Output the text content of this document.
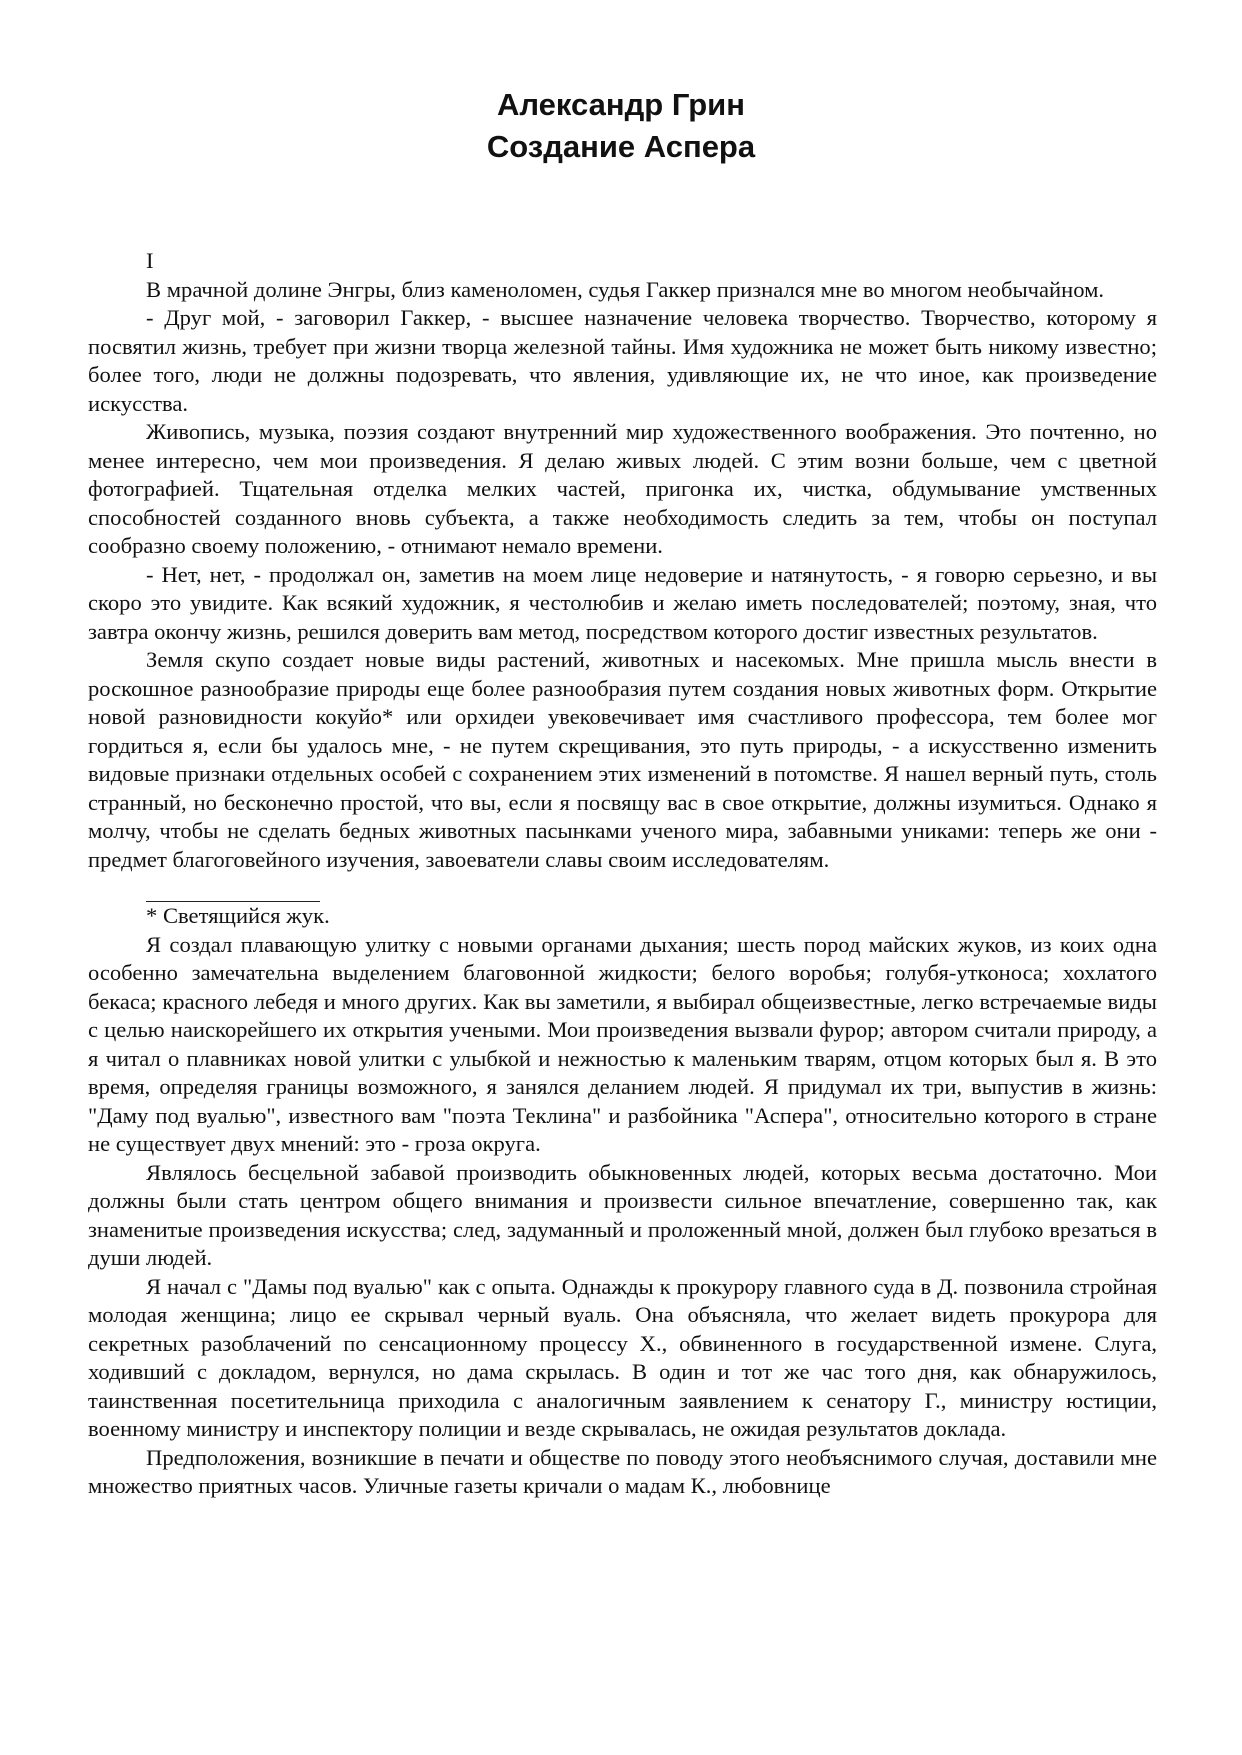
Александр Грин
Создание Аспера

I

В мрачной долине Энгры, близ каменоломен, судья Гаккер признался мне во многом необычайном.

- Друг мой, - заговорил Гаккер, - высшее назначение человека творчество. Творчество, которому я посвятил жизнь, требует при жизни творца железной тайны. Имя художника не может быть никому известно; более того, люди не должны подозревать, что явления, удивляющие их, не что иное, как произведение искусства.

Живопись, музыка, поэзия создают внутренний мир художественного воображения. Это почтенно, но менее интересно, чем мои произведения. Я делаю живых людей. С этим возни больше, чем с цветной фотографией. Тщательная отделка мелких частей, пригонка их, чистка, обдумывание умственных способностей созданного вновь субъекта, а также необходимость следить за тем, чтобы он поступал сообразно своему положению, - отнимают немало времени.

- Нет, нет, - продолжал он, заметив на моем лице недоверие и натянутость, - я говорю серьезно, и вы скоро это увидите. Как всякий художник, я честолюбив и желаю иметь последователей; поэтому, зная, что завтра окончу жизнь, решился доверить вам метод, посредством которого достиг известных результатов.

Земля скупо создает новые виды растений, животных и насекомых. Мне пришла мысль внести в роскошное разнообразие природы еще более разнообразия путем создания новых животных форм. Открытие новой разновидности кокуйо* или орхидеи увековечивает имя счастливого профессора, тем более мог гордиться я, если бы удалось мне, - не путем скрещивания, это путь природы, - а искусственно изменить видовые признаки отдельных особей с сохранением этих изменений в потомстве. Я нашел верный путь, столь странный, но бесконечно простой, что вы, если я посвящу вас в свое открытие, должны изумиться. Однако я молчу, чтобы не сделать бедных животных пасынками ученого мира, забавными униками: теперь же они - предмет благоговейного изучения, завоеватели славы своим исследователям.

* Светящийся жук.

Я создал плавающую улитку с новыми органами дыхания; шесть пород майских жуков, из коих одна особенно замечательна выделением благовонной жидкости; белого воробья; голубя-утконоса; хохлатого бекаса; красного лебедя и много других. Как вы заметили, я выбирал общеизвестные, легко встречаемые виды с целью наискорейшего их открытия учеными. Мои произведения вызвали фурор; автором считали природу, а я читал о плавниках новой улитки с улыбкой и нежностью к маленьким тварям, отцом которых был я. В это время, определяя границы возможного, я занялся деланием людей. Я придумал их три, выпустив в жизнь: "Даму под вуалью", известного вам "поэта Теклина" и разбойника "Аспера", относительно которого в стране не существует двух мнений: это - гроза округа.

Являлось бесцельной забавой производить обыкновенных людей, которых весьма достаточно. Мои должны были стать центром общего внимания и произвести сильное впечатление, совершенно так, как знаменитые произведения искусства; след, задуманный и проложенный мной, должен был глубоко врезаться в души людей.

Я начал с "Дамы под вуалью" как с опыта. Однажды к прокурору главного суда в Д. позвонила стройная молодая женщина; лицо ее скрывал черный вуаль. Она объясняла, что желает видеть прокурора для секретных разоблачений по сенсационному процессу Х., обвиненного в государственной измене. Слуга, ходивший с докладом, вернулся, но дама скрылась. В один и тот же час того дня, как обнаружилось, таинственная посетительница приходила с аналогичным заявлением к сенатору Г., министру юстиции, военному министру и инспектору полиции и везде скрывалась, не ожидая результатов доклада.

Предположения, возникшие в печати и обществе по поводу этого необъяснимого случая, доставили мне множество приятных часов. Уличные газеты кричали о мадам К., любовнице
